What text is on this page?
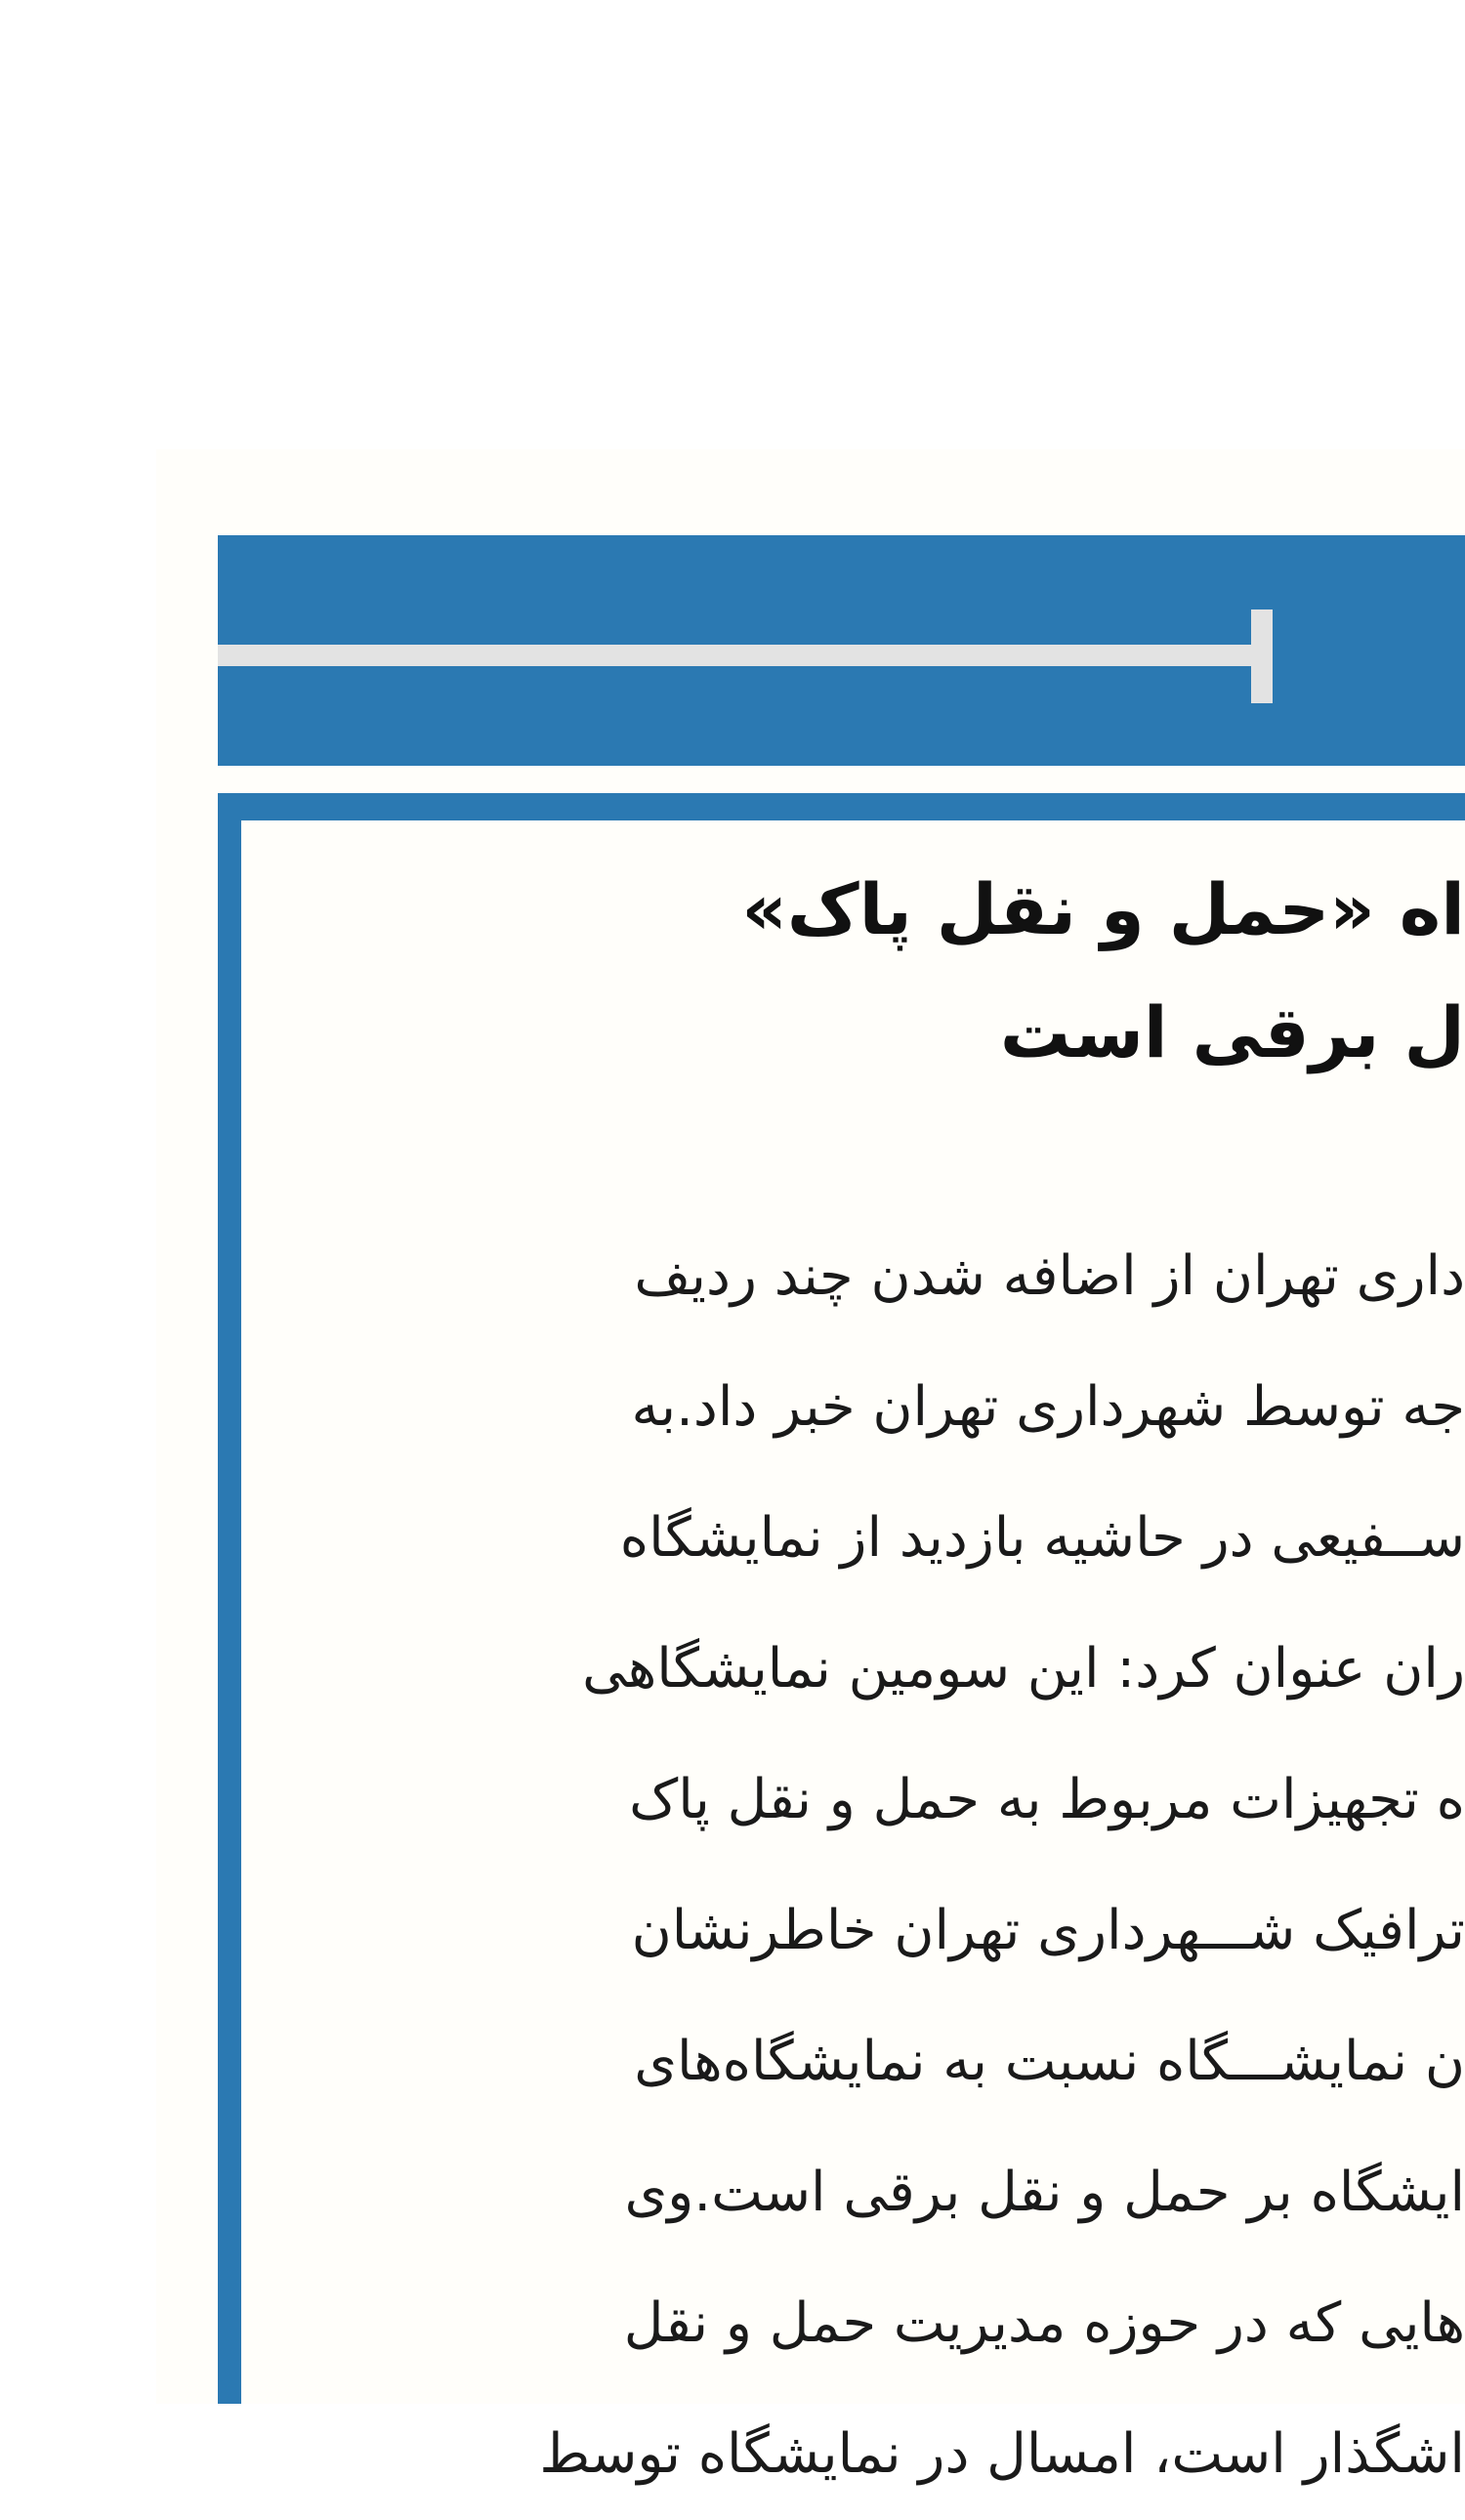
اه «حمل و نقل پاک»
ل برقی است
داری تهران از اضافه شدن چند ردیف
جه توسط شهرداری تهران خبر داد.به
ســفیعی در حاشیه بازدید از نمایشگاه
ران عنوان کرد: این سومین نمایشگاهی
ه تجهیزات مربوط به حمل و نقل پاک
ترافیک شـــهرداری تهران خاطرنشان
ن نمایشـــگاه نسبت به نمایشگاه‌های
ایشگاه بر حمل و نقل برقی است.وی
هایی که در حوزه مدیریت حمل و نقل
اشگذار است، امسال در نمایشگاه توسط
